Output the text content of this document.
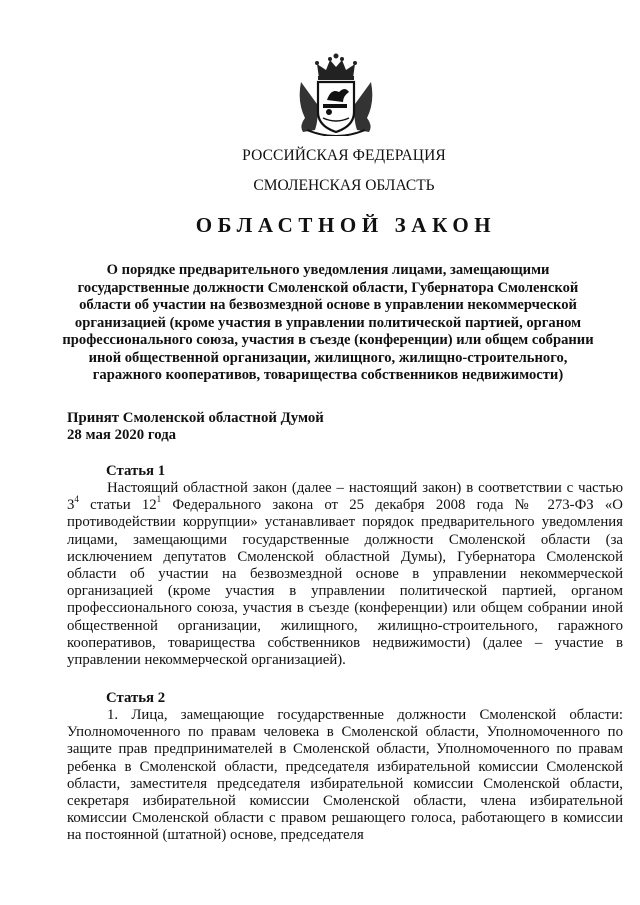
РОССИЙСКАЯ ФЕДЕРАЦИЯ
СМОЛЕНСКАЯ ОБЛАСТЬ
ОБЛАСТНОЙ ЗАКОН

О порядке предварительного уведомления лицами, замещающими государственные должности Смоленской области, Губернатора Смоленской области об участии на безвозмездной основе в управлении некоммерческой организацией (кроме участия в управлении политической партией, органом профессионального союза, участия в съезде (конференции) или общем собрании иной общественной организации, жилищного, жилищно-строительного, гаражного кооперативов, товарищества собственников недвижимости)

Принят Смоленской областной Думой
28 мая 2020 года
Статья 1

Настоящий областной закон (далее – настоящий закон) в соответствии с частью $3^4$ статьи $12^1$ Федерального закона от 25 декабря 2008 года № 273-ФЗ «О противодействии коррупции» устанавливает порядок предварительного уведомления лицами, замещающими государственные должности Смоленской области (за исключением депутатов Смоленской областной Думы), Губернатора Смоленской области об участии на безвозмездной основе в управлении некоммерческой организацией (кроме участия в управлении политической партией, органом профессионального союза, участия в съезде (конференции) или общем собрании иной общественной организации, жилищного, жилищно-строительного, гаражного кооперативов, товарищества собственников недвижимости) (далее – участие в управлении некоммерческой организацией).

Статья 2

1. Лица, замещающие государственные должности Смоленской области: Уполномоченного по правам человека в Смоленской области, Уполномоченного по защите прав предпринимателей в Смоленской области, Уполномоченного по правам ребенка в Смоленской области, председателя избирательной комиссии Смоленской области, заместителя председателя избирательной комиссии Смоленской области, секретаря избирательной комиссии Смоленской области, члена избирательной комиссии Смоленской области с правом решающего голоса, работающего в комиссии на постоянной (штатной) основе, председателя
